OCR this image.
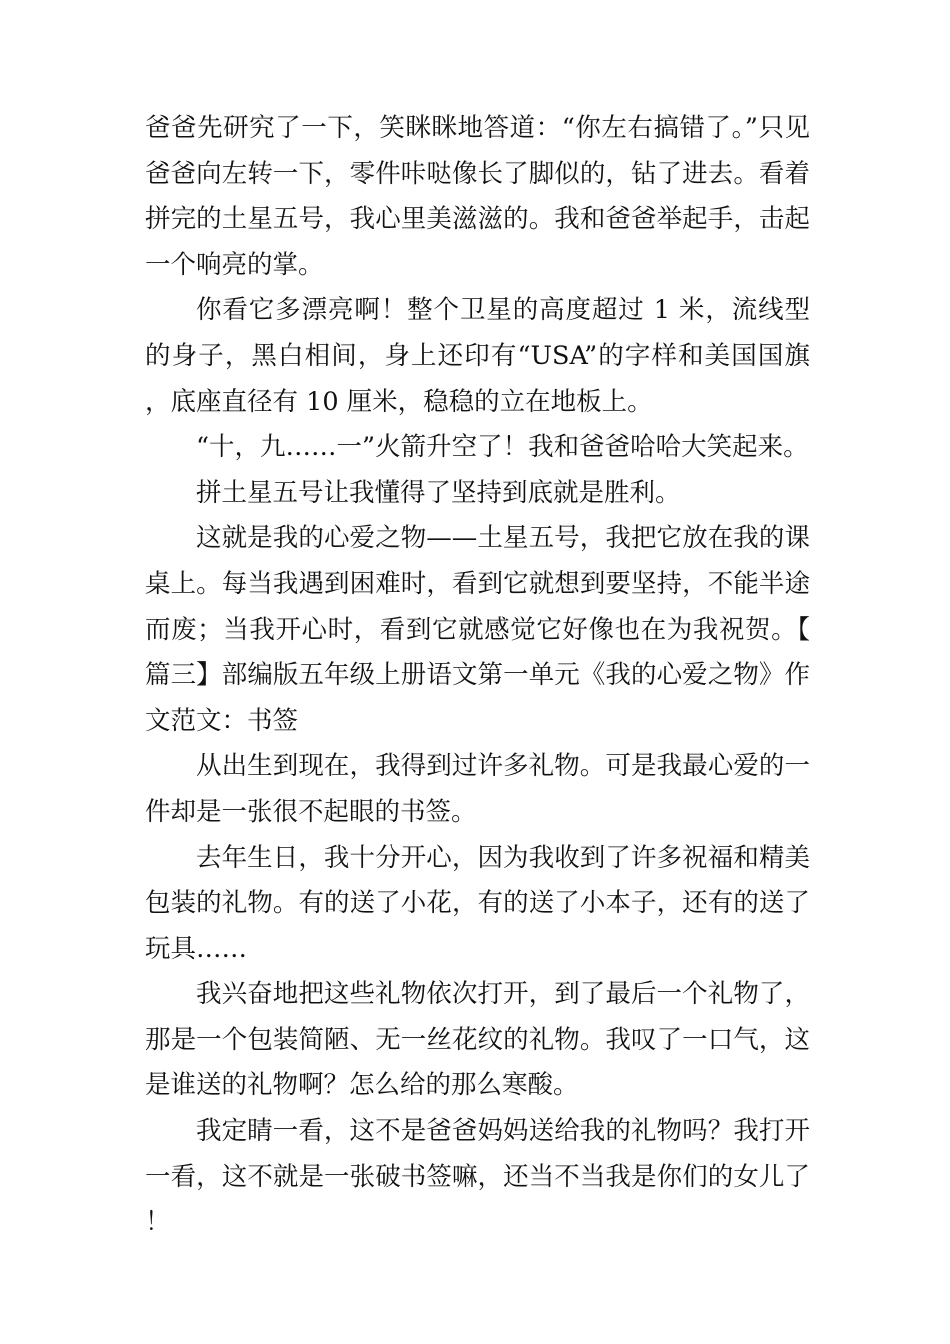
爸爸先研究了一下，笑眯眯地答道：“你左右搞错了。”只见爸爸向左转一下，零件咔哒像长了脚似的，钻了进去。看着拼完的土星五号，我心里美滋滋的。我和爸爸举起手，击起一个响亮的掌。

你看它多漂亮啊！整个卫星的高度超过 1 米，流线型的身子，黑白相间，身上还印有“USA”的字样和美国国旗，底座直径有 10 厘米，稳稳的立在地板上。

“十，九……一”火箭升空了！我和爸爸哈哈大笑起来。

拼土星五号让我懂得了坚持到底就是胜利。

这就是我的心爱之物——土星五号，我把它放在我的课桌上。每当我遇到困难时，看到它就想到要坚持，不能半途而废；当我开心时，看到它就感觉它好像也在为我祝贺。【篇三】部编版五年级上册语文第一单元《我的心爱之物》作文范文：书签

从出生到现在，我得到过许多礼物。可是我最心爱的一件却是一张很不起眼的书签。

去年生日，我十分开心，因为我收到了许多祝福和精美包装的礼物。有的送了小花，有的送了小本子，还有的送了玩具……

我兴奋地把这些礼物依次打开，到了最后一个礼物了，那是一个包装简陋、无一丝花纹的礼物。我叹了一口气，这是谁送的礼物啊？怎么给的那么寒酸。

我定睛一看，这不是爸爸妈妈送给我的礼物吗？我打开一看，这不就是一张破书签嘛，还当不当我是你们的女儿了！
